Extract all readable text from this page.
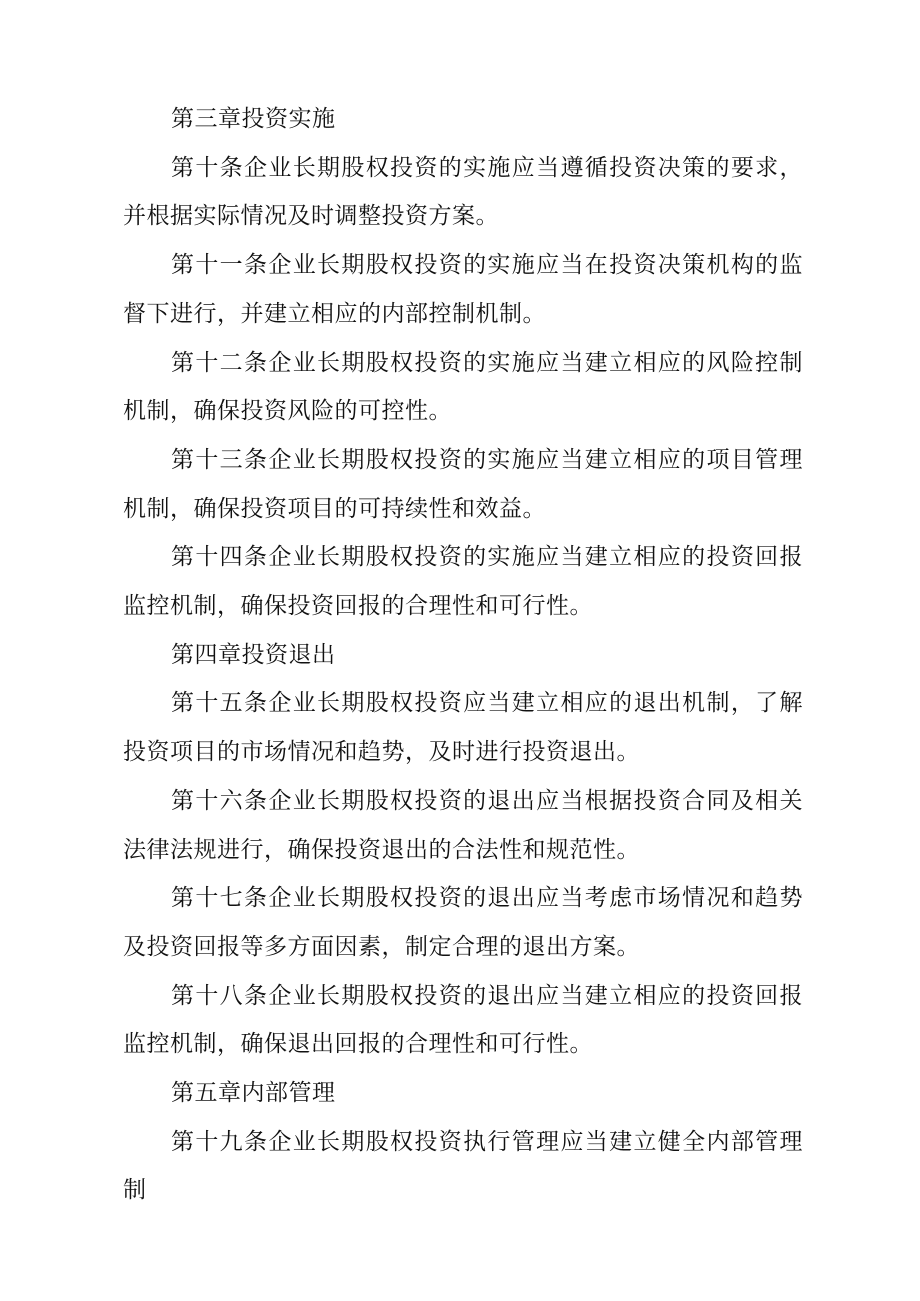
第三章投资实施

第十条企业长期股权投资的实施应当遵循投资决策的要求，并根据实际情况及时调整投资方案。

第十一条企业长期股权投资的实施应当在投资决策机构的监督下进行，并建立相应的内部控制机制。

第十二条企业长期股权投资的实施应当建立相应的风险控制机制，确保投资风险的可控性。

第十三条企业长期股权投资的实施应当建立相应的项目管理机制，确保投资项目的可持续性和效益。

第十四条企业长期股权投资的实施应当建立相应的投资回报监控机制，确保投资回报的合理性和可行性。

第四章投资退出

第十五条企业长期股权投资应当建立相应的退出机制，了解投资项目的市场情况和趋势，及时进行投资退出。

第十六条企业长期股权投资的退出应当根据投资合同及相关法律法规进行，确保投资退出的合法性和规范性。

第十七条企业长期股权投资的退出应当考虑市场情况和趋势及投资回报等多方面因素，制定合理的退出方案。

第十八条企业长期股权投资的退出应当建立相应的投资回报监控机制，确保退出回报的合理性和可行性。

第五章内部管理

第十九条企业长期股权投资执行管理应当建立健全内部管理制
